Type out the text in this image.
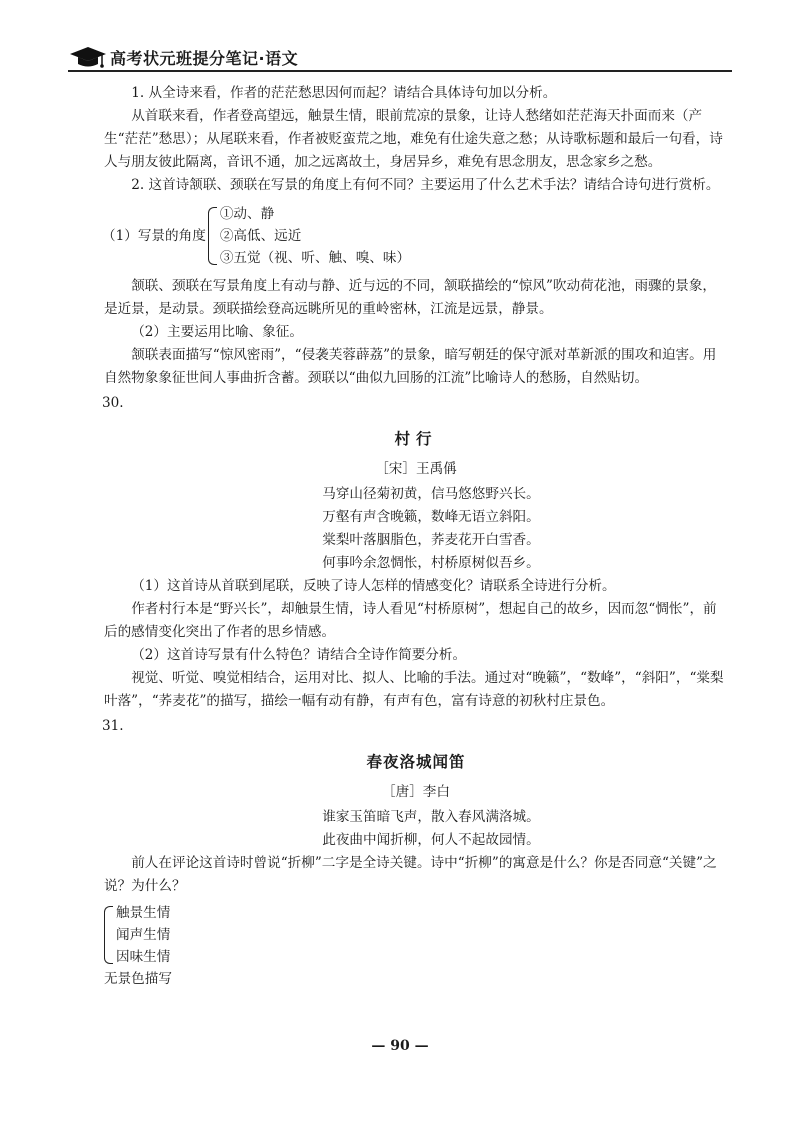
高考状元班提分笔记·语文

1. 从全诗来看，作者的茫茫愁思因何而起？请结合具体诗句加以分析。

从首联来看，作者登高望远，触景生情，眼前荒凉的景象，让诗人愁绪如茫茫海天扑面而来（产生“茫茫”愁思）；从尾联来看，作者被贬蛮荒之地，难免有仕途失意之愁；从诗歌标题和最后一句看，诗人与朋友彼此隔离，音讯不通，加之远离故土，身居异乡，难免有思念朋友，思念家乡之愁。

2. 这首诗颔联、颈联在写景的角度上有何不同？主要运用了什么艺术手法？请结合诗句进行赏析。

（1）写景的角度
①动、静
②高低、远近
③五觉（视、听、触、嗅、味）

颔联、颈联在写景角度上有动与静、近与远的不同，颔联描绘的“惊风”吹动荷花池，雨骤的景象，是近景，是动景。颈联描绘登高远眺所见的重岭密林，江流是远景，静景。

（2）主要运用比喻、象征。

颔联表面描写“惊风密雨”，“侵袭芙蓉薜荔”的景象，暗写朝廷的保守派对革新派的围攻和迫害。用自然物象象征世间人事曲折含蓄。颈联以“曲似九回肠的江流”比喻诗人的愁肠，自然贴切。

30.

村行

［宋］王禹偁

马穿山径菊初黄，信马悠悠野兴长。

万壑有声含晚籁，数峰无语立斜阳。

棠梨叶落胭脂色，荞麦花开白雪香。

何事吟余忽惆怅，村桥原树似吾乡。

（1）这首诗从首联到尾联，反映了诗人怎样的情感变化？请联系全诗进行分析。

作者村行本是“野兴长”，却触景生情，诗人看见“村桥原树”，想起自己的故乡，因而忽“惆怅”，前后的感情变化突出了作者的思乡情感。

（2）这首诗写景有什么特色？请结合全诗作简要分析。

视觉、听觉、嗅觉相结合，运用对比、拟人、比喻的手法。通过对“晚籁”，“数峰”，“斜阳”，“棠梨叶落”，“荞麦花”的描写，描绘一幅有动有静，有声有色，富有诗意的初秋村庄景色。

31.

春夜洛城闻笛

［唐］李白

谁家玉笛暗飞声，散入春风满洛城。

此夜曲中闻折柳，何人不起故园情。

前人在评论这首诗时曾说“折柳”二字是全诗关键。诗中“折柳”的寓意是什么？你是否同意“关键”之说？为什么？

触景生情
闻声生情
因味生情

无景色描写

— 90 —
